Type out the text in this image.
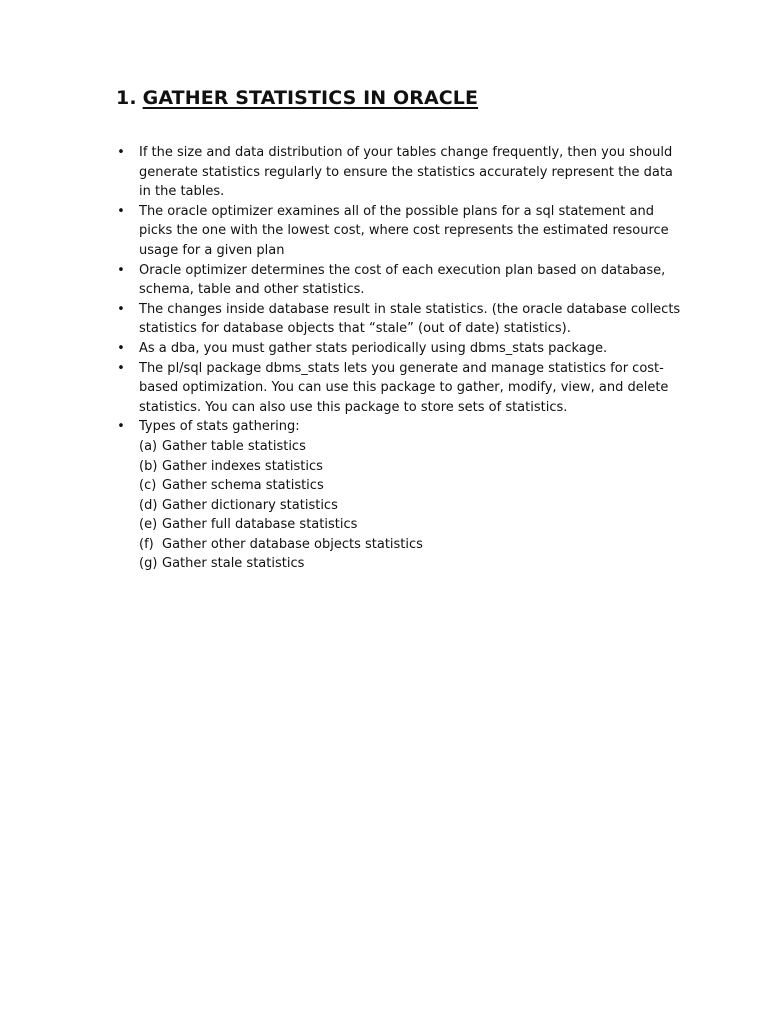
1. GATHER STATISTICS IN ORACLE
• If the size and data distribution of your tables change frequently, then you should generate statistics regularly to ensure the statistics accurately represent the data in the tables.
• The oracle optimizer examines all of the possible plans for a sql statement and picks the one with the lowest cost, where cost represents the estimated resource usage for a given plan
• Oracle optimizer determines the cost of each execution plan based on database, schema, table and other statistics.
• The changes inside database result in stale statistics. (the oracle database collects statistics for database objects that “stale” (out of date) statistics).
• As a dba, you must gather stats periodically using dbms_stats package.
• The pl/sql package dbms_stats lets you generate and manage statistics for cost-based optimization. You can use this package to gather, modify, view, and delete statistics. You can also use this package to store sets of statistics.
• Types of stats gathering:
(a) Gather table statistics
(b) Gather indexes statistics
(c) Gather schema statistics
(d) Gather dictionary statistics
(e) Gather full database statistics
(f) Gather other database objects statistics
(g) Gather stale statistics
